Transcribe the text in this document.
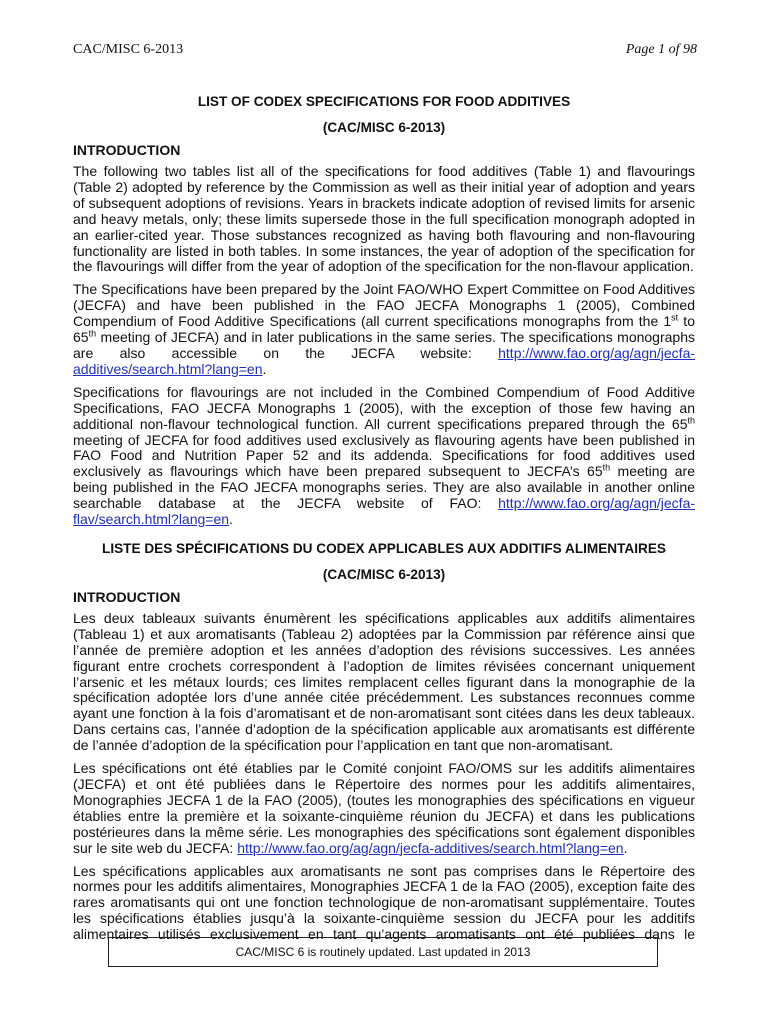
CAC/MISC 6-2013	Page 1 of 98
LIST OF CODEX SPECIFICATIONS FOR FOOD ADDITIVES
(CAC/MISC 6-2013)
INTRODUCTION
The following two tables list all of the specifications for food additives (Table 1) and flavourings
(Table 2) adopted by reference by the Commission as well as their initial year of adoption and years
of subsequent adoptions of revisions. Years in brackets indicate adoption of revised limits for arsenic
and heavy metals, only; these limits supersede those in the full specification monograph adopted in
an earlier-cited year. Those substances recognized as having both flavouring and non-flavouring
functionality are listed in both tables. In some instances, the year of adoption of the specification for
the flavourings will differ from the year of adoption of the specification for the non-flavour application.
The Specifications have been prepared by the Joint FAO/WHO Expert Committee on Food Additives
(JECFA) and have been published in the FAO JECFA Monographs 1 (2005), Combined
Compendium of Food Additive Specifications (all current specifications monographs from the 1st to
65th meeting of JECFA) and in later publications in the same series. The specifications monographs
are also accessible on the JECFA website: http://www.fao.org/ag/agn/jecfa-
additives/search.html?lang=en.
Specifications for flavourings are not included in the Combined Compendium of Food Additive
Specifications, FAO JECFA Monographs 1 (2005), with the exception of those few having an
additional non-flavour technological function. All current specifications prepared through the 65th
meeting of JECFA for food additives used exclusively as flavouring agents have been published in
FAO Food and Nutrition Paper 52 and its addenda. Specifications for food additives used
exclusively as flavourings which have been prepared subsequent to JECFA’s 65th meeting are
being published in the FAO JECFA monographs series. They are also available in another online
searchable database at the JECFA website of FAO: http://www.fao.org/ag/agn/jecfa-
flav/search.html?lang=en.
LISTE DES SPÉCIFICATIONS DU CODEX APPLICABLES AUX ADDITIFS ALIMENTAIRES
(CAC/MISC 6-2013)
INTRODUCTION
Les deux tableaux suivants énumèrent les spécifications applicables aux additifs alimentaires
(Tableau 1) et aux aromatisants (Tableau 2) adoptées par la Commission par référence ainsi que
l’année de première adoption et les années d’adoption des révisions successives. Les années
figurant entre crochets correspondent à l’adoption de limites révisées concernant uniquement
l’arsenic et les métaux lourds; ces limites remplacent celles figurant dans la monographie de la
spécification adoptée lors d’une année citée précédemment. Les substances reconnues comme
ayant une fonction à la fois d’aromatisant et de non-aromatisant sont citées dans les deux tableaux.
Dans certains cas, l’année d’adoption de la spécification applicable aux aromatisants est différente
de l’année d’adoption de la spécification pour l’application en tant que non-aromatisant.
Les spécifications ont été établies par le Comité conjoint FAO/OMS sur les additifs alimentaires
(JECFA) et ont été publiées dans le Répertoire des normes pour les additifs alimentaires,
Monographies JECFA 1 de la FAO (2005), (toutes les monographies des spécifications en vigueur
établies entre la première et la soixante-cinquième réunion du JECFA) et dans les publications
postérieures dans la même série. Les monographies des spécifications sont également disponibles
sur le site web du JECFA: http://www.fao.org/ag/agn/jecfa-additives/search.html?lang=en.
Les spécifications applicables aux aromatisants ne sont pas comprises dans le Répertoire des
normes pour les additifs alimentaires, Monographies JECFA 1 de la FAO (2005), exception faite des
rares aromatisants qui ont une fonction technologique de non-aromatisant supplémentaire. Toutes
les spécifications établies jusqu’à la soixante-cinquième session du JECFA pour les additifs
alimentaires utilisés exclusivement en tant qu’agents aromatisants ont été publiées dans le
CAC/MISC 6 is routinely updated. Last updated in 2013
